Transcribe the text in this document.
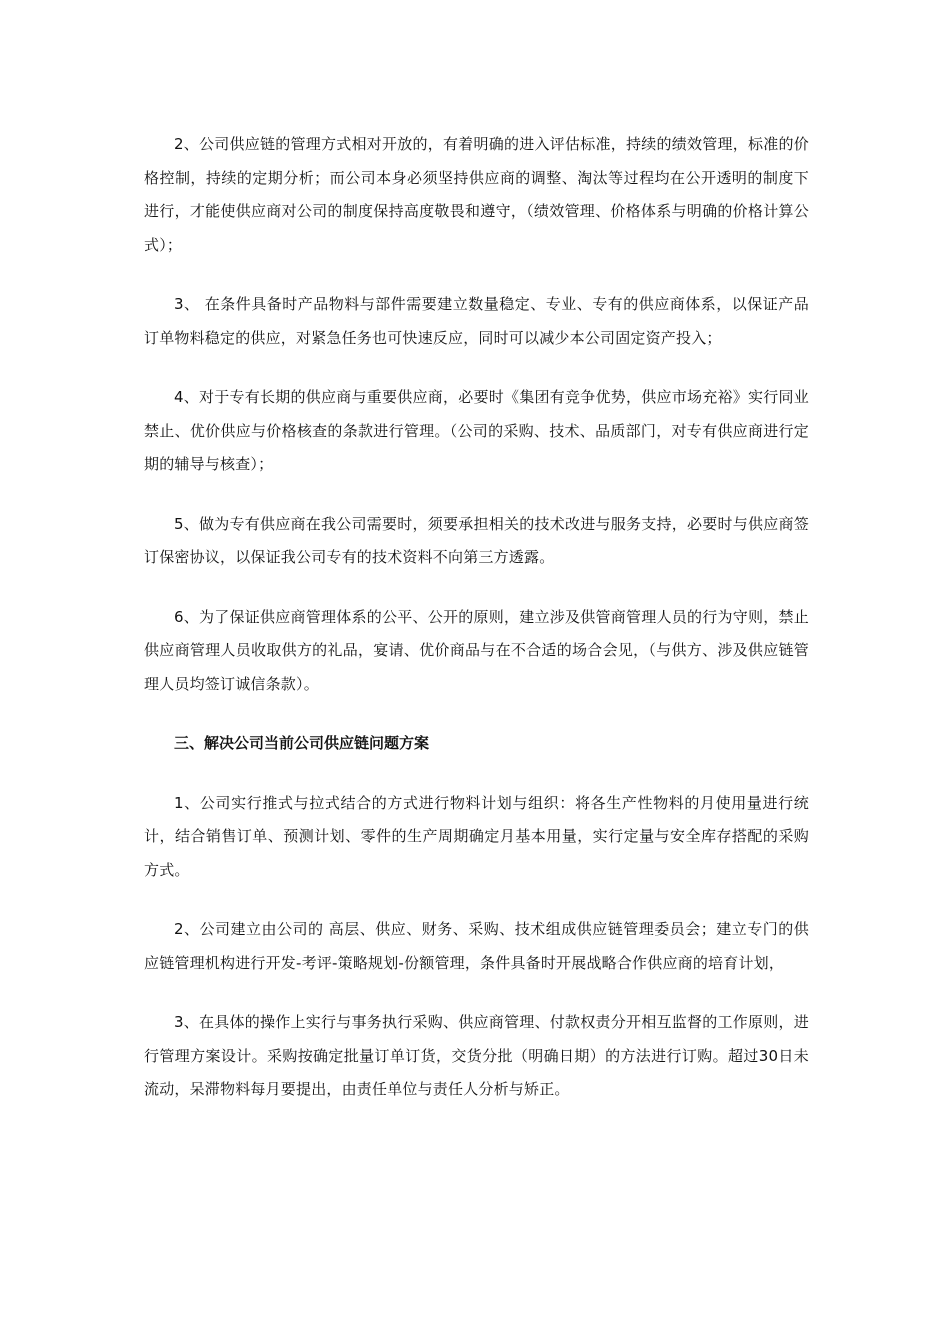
2、公司供应链的管理方式相对开放的，有着明确的进入评估标准，持续的绩效管理，标准的价格控制，持续的定期分析；而公司本身必须坚持供应商的调整、淘汰等过程均在公开透明的制度下进行，才能使供应商对公司的制度保持高度敬畏和遵守，（绩效管理、价格体系与明确的价格计算公式）；

3、 在条件具备时产品物料与部件需要建立数量稳定、专业、专有的供应商体系，以保证产品订单物料稳定的供应，对紧急任务也可快速反应，同时可以减少本公司固定资产投入；

4、对于专有长期的供应商与重要供应商，必要时《集团有竞争优势，供应市场充裕》实行同业禁止、优价供应与价格核查的条款进行管理。（公司的采购、技术、品质部门，对专有供应商进行定期的辅导与核查）；

5、做为专有供应商在我公司需要时，须要承担相关的技术改进与服务支持，必要时与供应商签订保密协议，以保证我公司专有的技术资料不向第三方透露。

6、为了保证供应商管理体系的公平、公开的原则，建立涉及供管商管理人员的行为守则，禁止供应商管理人员收取供方的礼品，宴请、优价商品与在不合适的场合会见，（与供方、涉及供应链管理人员均签订诚信条款）。

三、解决公司当前公司供应链问题方案

1、公司实行推式与拉式结合的方式进行物料计划与组织：将各生产性物料的月使用量进行统计，结合销售订单、预测计划、零件的生产周期确定月基本用量，实行定量与安全库存搭配的采购方式。

2、公司建立由公司的 高层、供应、财务、采购、技术组成供应链管理委员会；建立专门的供应链管理机构进行开发-考评-策略规划-份额管理，条件具备时开展战略合作供应商的培育计划，

3、在具体的操作上实行与事务执行采购、供应商管理、付款权责分开相互监督的工作原则，进行管理方案设计。采购按确定批量订单订货，交货分批（明确日期）的方法进行订购。超过30日未流动，呆滞物料每月要提出，由责任单位与责任人分析与矫正。
